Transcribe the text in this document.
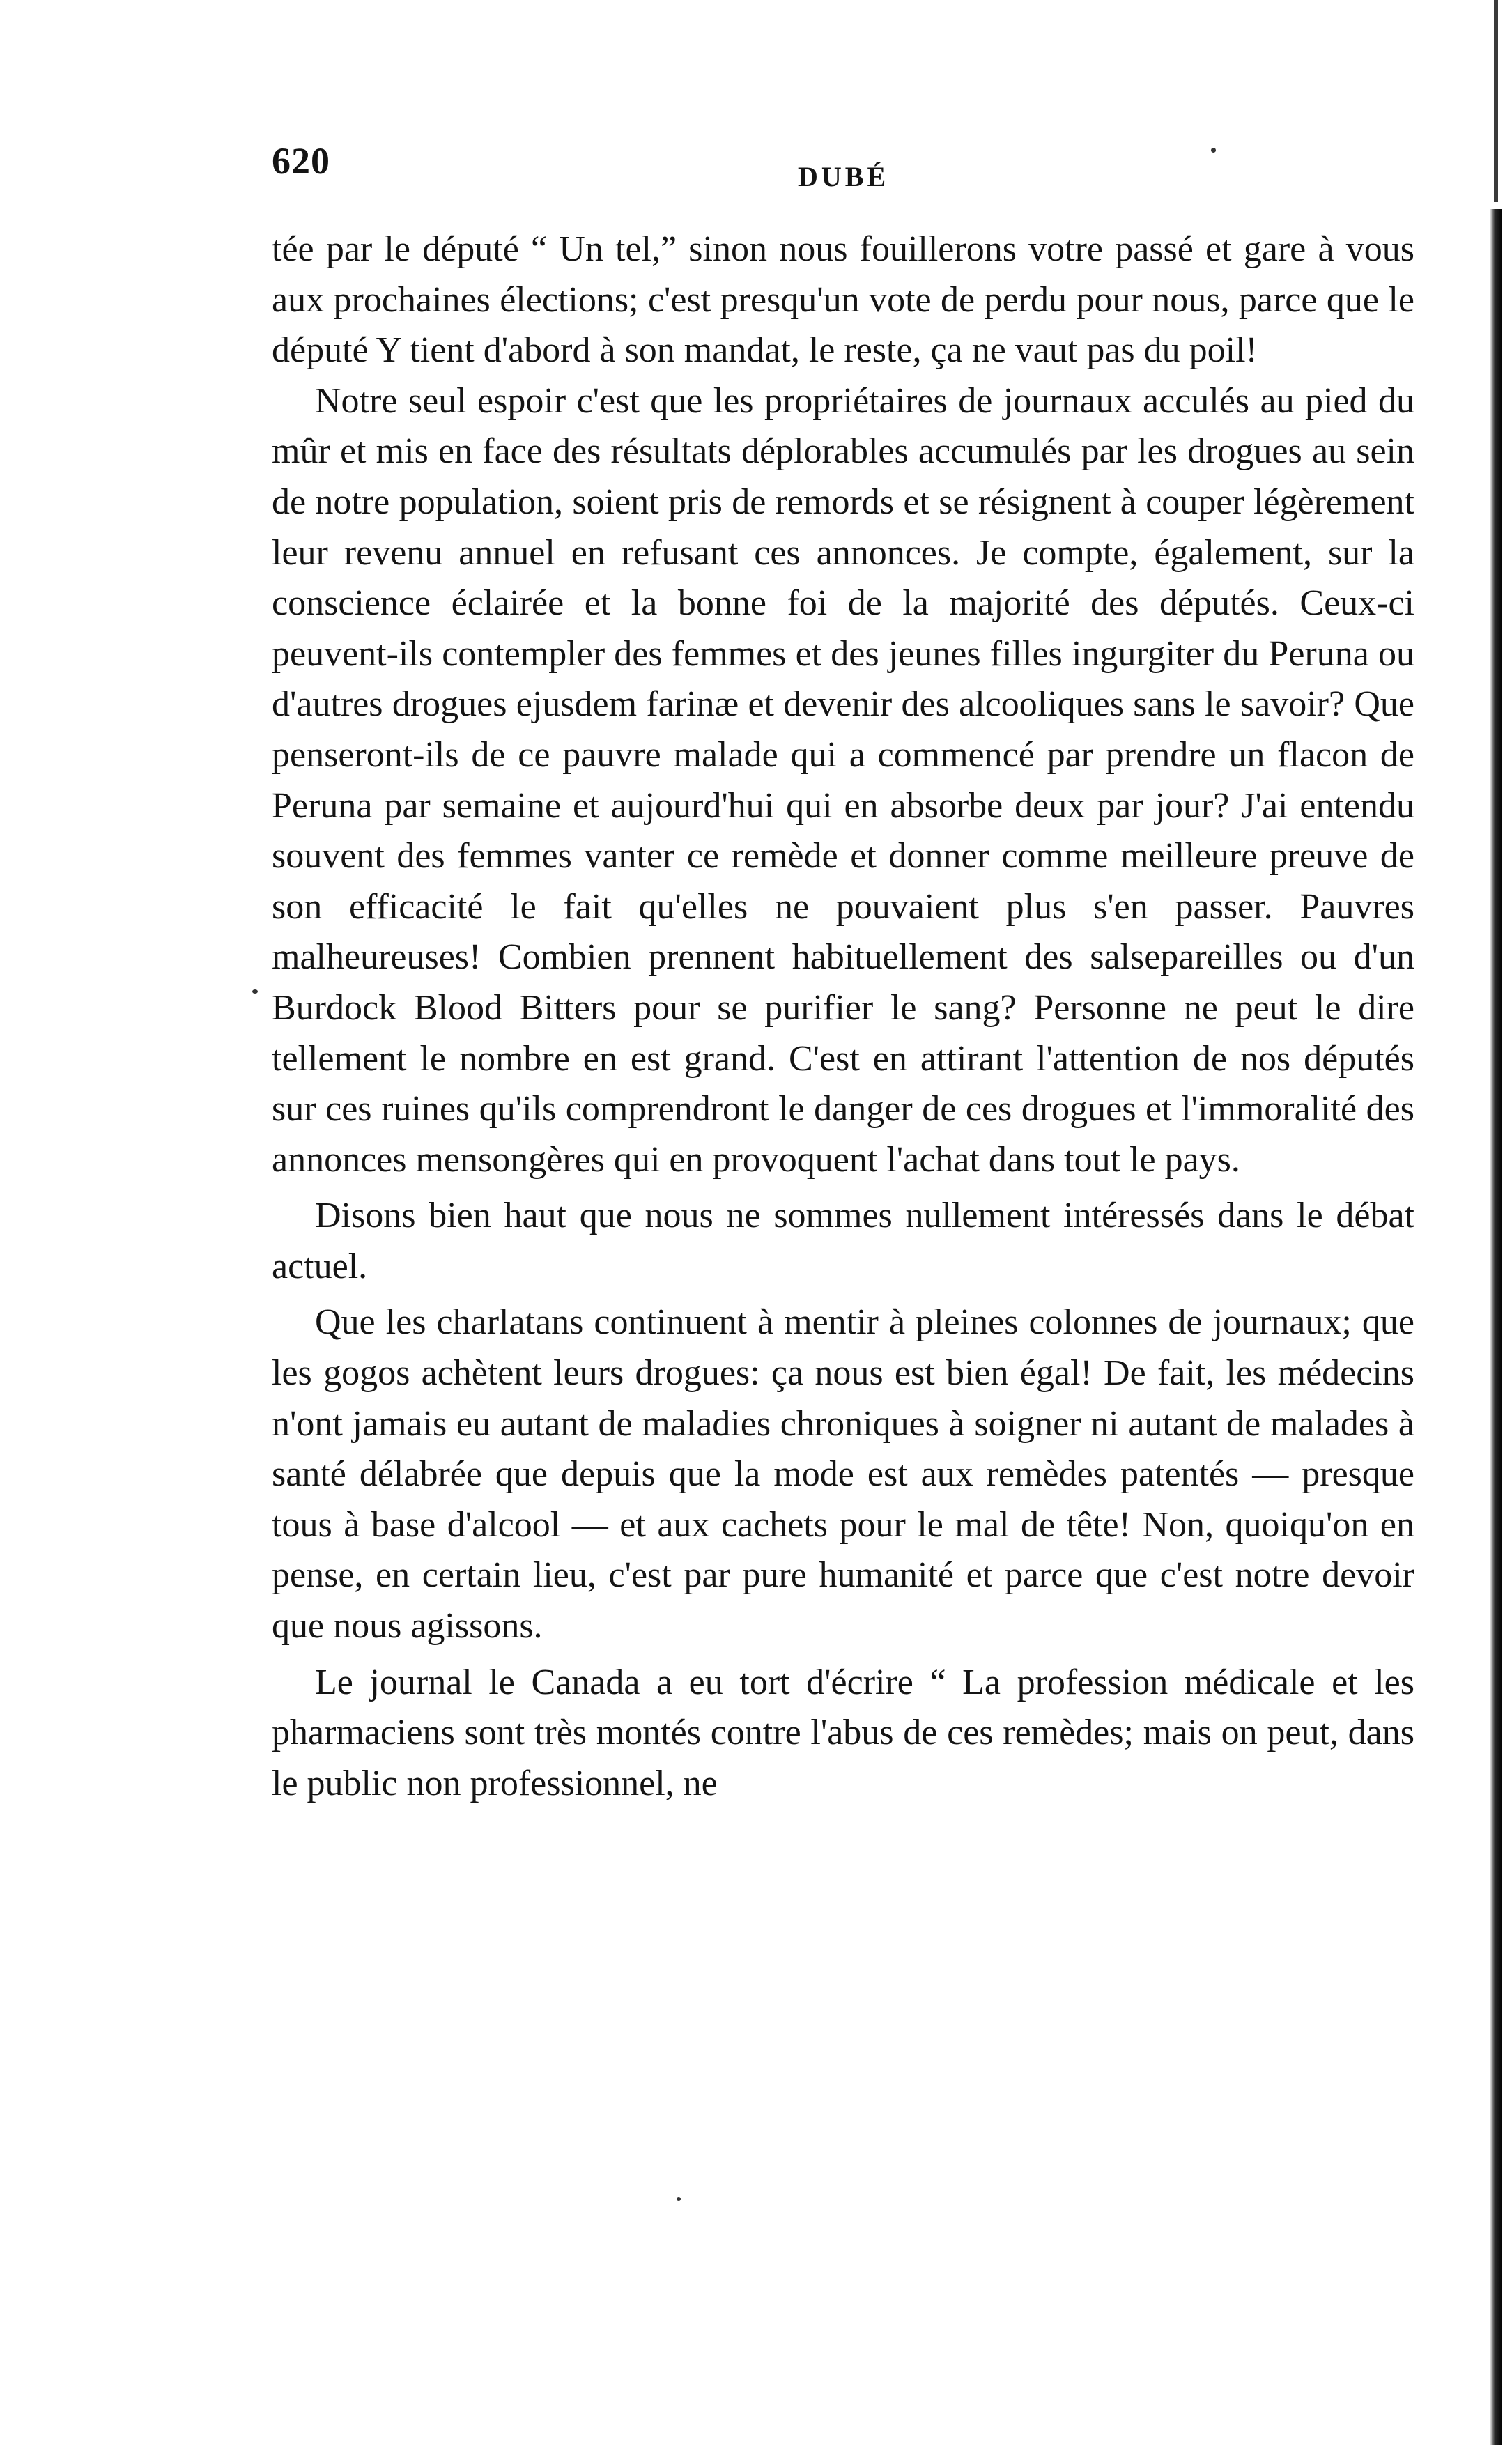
620	DUBÉ

tée par le député “ Un tel,” sinon nous fouillerons votre passé et gare à vous aux prochaines élections; c'est presqu'un vote de perdu pour nous, parce que le député Y tient d'abord à son mandat, le reste, ça ne vaut pas du poil!

Notre seul espoir c'est que les propriétaires de journaux acculés au pied du mûr et mis en face des résultats déplorables accumulés par les drogues au sein de notre population, soient pris de remords et se résignent à couper légèrement leur revenu annuel en refusant ces annonces. Je compte, également, sur la conscience éclairée et la bonne foi de la majorité des députés. Ceux-ci peuvent-ils contempler des femmes et des jeunes filles ingurgiter du Peruna ou d'autres drogues ejusdem farinæ et devenir des alcooliques sans le savoir? Que penseront-ils de ce pauvre malade qui a commencé par prendre un flacon de Peruna par semaine et aujourd'hui qui en absorbe deux par jour? J'ai entendu souvent des femmes vanter ce remède et donner comme meilleure preuve de son efficacité le fait qu'elles ne pouvaient plus s'en passer. Pauvres malheureuses! Combien prennent habituellement des salsepareilles ou d'un Burdock Blood Bitters pour se purifier le sang? Personne ne peut le dire tellement le nombre en est grand. C'est en attirant l'attention de nos députés sur ces ruines qu'ils comprendront le danger de ces drogues et l'immoralité des annonces mensongères qui en provoquent l'achat dans tout le pays.

Disons bien haut que nous ne sommes nullement intéressés dans le débat actuel.

Que les charlatans continuent à mentir à pleines colonnes de journaux; que les gogos achètent leurs drogues: ça nous est bien égal! De fait, les médecins n'ont jamais eu autant de maladies chroniques à soigner ni autant de malades à santé délabrée que depuis que la mode est aux remèdes patentés — presque tous à base d'alcool — et aux cachets pour le mal de tête! Non, quoiqu'on en pense, en certain lieu, c'est par pure humanité et parce que c'est notre devoir que nous agissons.

Le journal le Canada a eu tort d'écrire “ La profession médicale et les pharmaciens sont très montés contre l'abus de ces remèdes; mais on peut, dans le public non professionnel, ne
